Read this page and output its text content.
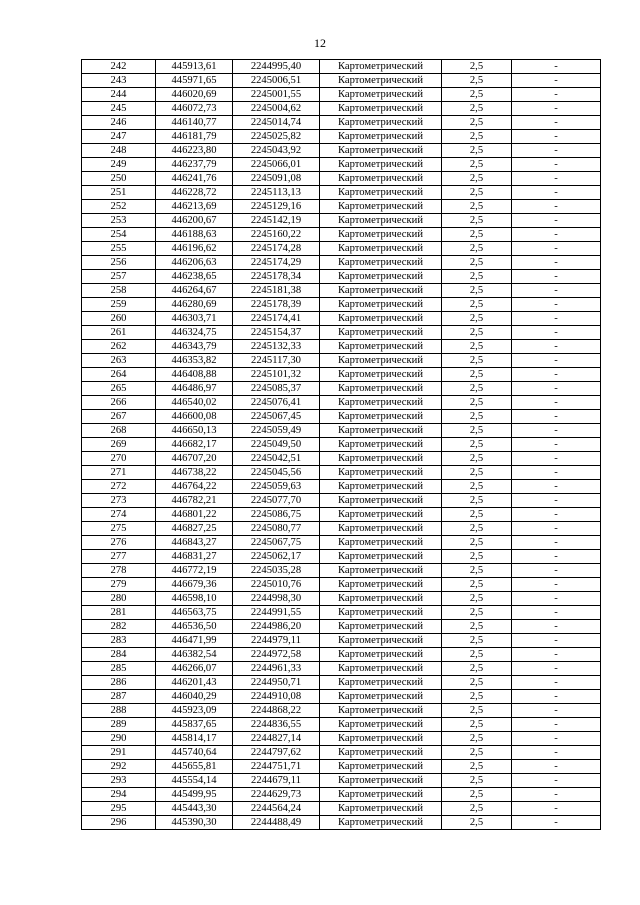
12
242	445913,61	2244995,40	Картометрический	2,5	-
243	445971,65	2245006,51	Картометрический	2,5	-
244	446020,69	2245001,55	Картометрический	2,5	-
245	446072,73	2245004,62	Картометрический	2,5	-
246	446140,77	2245014,74	Картометрический	2,5	-
247	446181,79	2245025,82	Картометрический	2,5	-
248	446223,80	2245043,92	Картометрический	2,5	-
249	446237,79	2245066,01	Картометрический	2,5	-
250	446241,76	2245091,08	Картометрический	2,5	-
251	446228,72	2245113,13	Картометрический	2,5	-
252	446213,69	2245129,16	Картометрический	2,5	-
253	446200,67	2245142,19	Картометрический	2,5	-
254	446188,63	2245160,22	Картометрический	2,5	-
255	446196,62	2245174,28	Картометрический	2,5	-
256	446206,63	2245174,29	Картометрический	2,5	-
257	446238,65	2245178,34	Картометрический	2,5	-
258	446264,67	2245181,38	Картометрический	2,5	-
259	446280,69	2245178,39	Картометрический	2,5	-
260	446303,71	2245174,41	Картометрический	2,5	-
261	446324,75	2245154,37	Картометрический	2,5	-
262	446343,79	2245132,33	Картометрический	2,5	-
263	446353,82	2245117,30	Картометрический	2,5	-
264	446408,88	2245101,32	Картометрический	2,5	-
265	446486,97	2245085,37	Картометрический	2,5	-
266	446540,02	2245076,41	Картометрический	2,5	-
267	446600,08	2245067,45	Картометрический	2,5	-
268	446650,13	2245059,49	Картометрический	2,5	-
269	446682,17	2245049,50	Картометрический	2,5	-
270	446707,20	2245042,51	Картометрический	2,5	-
271	446738,22	2245045,56	Картометрический	2,5	-
272	446764,22	2245059,63	Картометрический	2,5	-
273	446782,21	2245077,70	Картометрический	2,5	-
274	446801,22	2245086,75	Картометрический	2,5	-
275	446827,25	2245080,77	Картометрический	2,5	-
276	446843,27	2245067,75	Картометрический	2,5	-
277	446831,27	2245062,17	Картометрический	2,5	-
278	446772,19	2245035,28	Картометрический	2,5	-
279	446679,36	2245010,76	Картометрический	2,5	-
280	446598,10	2244998,30	Картометрический	2,5	-
281	446563,75	2244991,55	Картометрический	2,5	-
282	446536,50	2244986,20	Картометрический	2,5	-
283	446471,99	2244979,11	Картометрический	2,5	-
284	446382,54	2244972,58	Картометрический	2,5	-
285	446266,07	2244961,33	Картометрический	2,5	-
286	446201,43	2244950,71	Картометрический	2,5	-
287	446040,29	2244910,08	Картометрический	2,5	-
288	445923,09	2244868,22	Картометрический	2,5	-
289	445837,65	2244836,55	Картометрический	2,5	-
290	445814,17	2244827,14	Картометрический	2,5	-
291	445740,64	2244797,62	Картометрический	2,5	-
292	445655,81	2244751,71	Картометрический	2,5	-
293	445554,14	2244679,11	Картометрический	2,5	-
294	445499,95	2244629,73	Картометрический	2,5	-
295	445443,30	2244564,24	Картометрический	2,5	-
296	445390,30	2244488,49	Картометрический	2,5	-
